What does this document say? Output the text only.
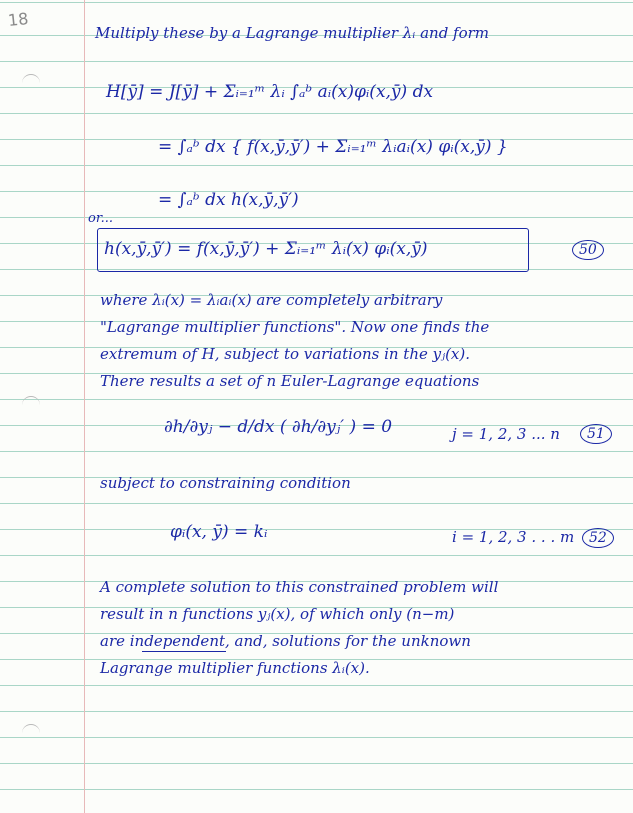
18
Multiply these by a Lagrange multiplier λᵢ and form
H[ȳ] = J[ȳ] + Σᵢ₌₁ᵐ λᵢ ∫ₐᵇ aᵢ(x)φᵢ(x,ȳ) dx
= ∫ₐᵇ dx { f(x,ȳ,ȳ′) + Σᵢ₌₁ᵐ λᵢaᵢ(x) φᵢ(x,ȳ) }
= ∫ₐᵇ dx h(x,ȳ,ȳ′)
or...
h(x,ȳ,ȳ′) = f(x,ȳ,ȳ′) + Σᵢ₌₁ᵐ λᵢ(x) φᵢ(x,ȳ)	50
where λᵢ(x) = λᵢaᵢ(x) are completely arbitrary
"Lagrange multiplier functions". Now one finds the
extremum of H, subject to variations in the yⱼ(x).
There results a set of n Euler-Lagrange equations
∂h/∂yⱼ − d/dx ( ∂h/∂yⱼ′ ) = 0	j = 1, 2, 3 ... n	51
subject to constraining condition
φᵢ(x, ȳ) = kᵢ	i = 1, 2, 3 . . . m	52
A complete solution to this constrained problem will
result in n functions yⱼ(x), of which only (n−m)
are independent, and, solutions for the unknown
Lagrange multiplier functions λᵢ(x).
